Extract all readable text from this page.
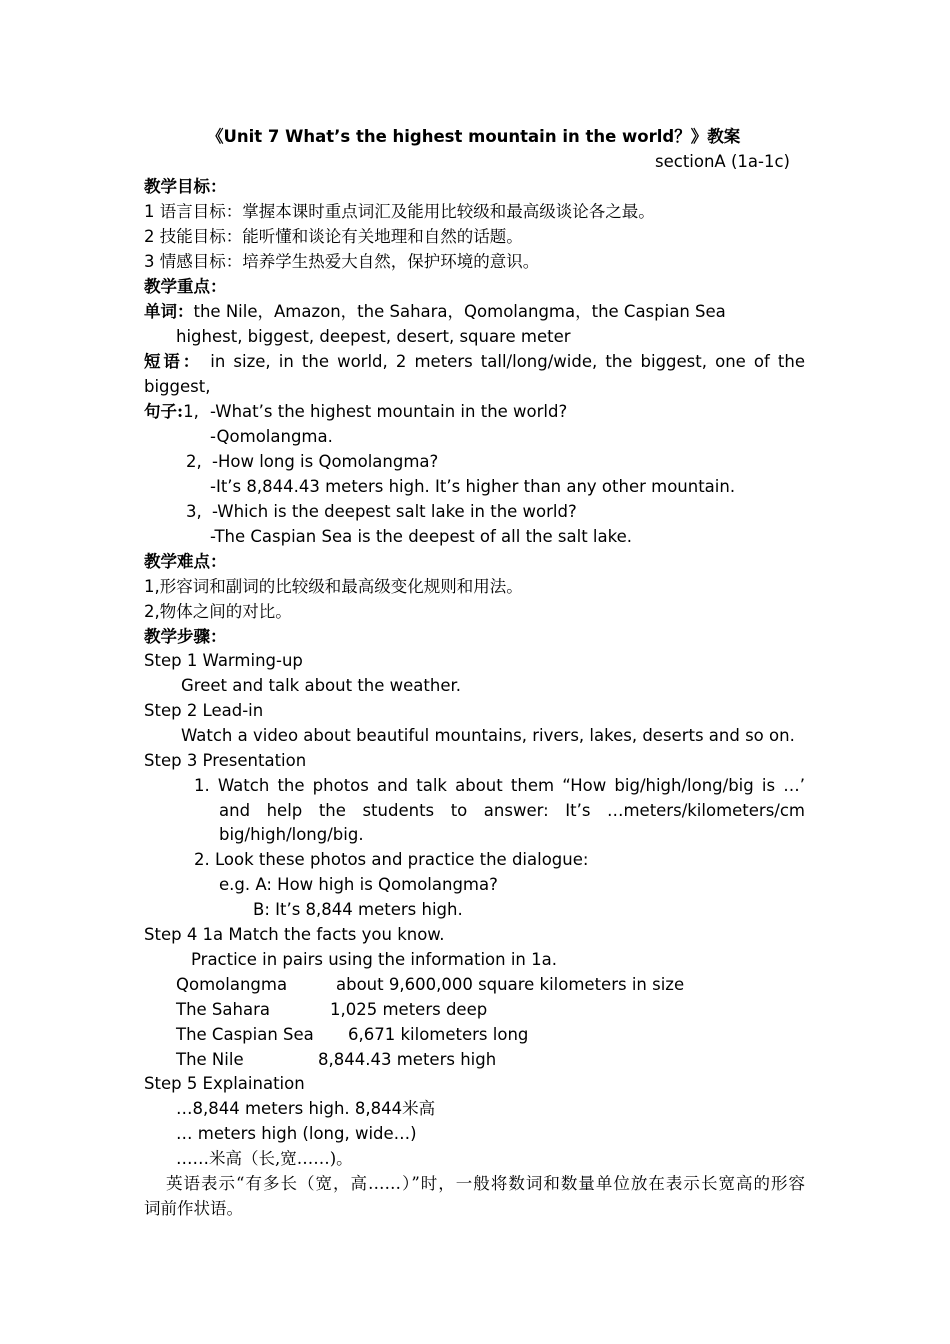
《Unit 7 What’s the highest mountain in the world？》教案
sectionA (1a-1c)
教学目标：
1 语言目标：掌握本课时重点词汇及能用比较级和最高级谈论各之最。
2 技能目标：能听懂和谈论有关地理和自然的话题。
3 情感目标：培养学生热爱大自然，保护环境的意识。
教学重点：
单词：the Nile，Amazon，the Sahara，Qomolangma，the Caspian Sea
highest, biggest, deepest, desert, square meter
短语： in size, in the world, 2 meters tall/long/wide, the biggest, one of the
biggest,
句子:1, -What’s the highest mountain in the world?
-Qomolangma.
2, -How long is Qomolangma?
-It’s 8,844.43 meters high. It’s higher than any other mountain.
3, -Which is the deepest salt lake in the world?
-The Caspian Sea is the deepest of all the salt lake.
教学难点：
1,形容词和副词的比较级和最高级变化规则和用法。
2,物体之间的对比。
教学步骤：
Step 1 Warming-up
Greet and talk about the weather.
Step 2 Lead-in
Watch a video about beautiful mountains, rivers, lakes, deserts and so on.
Step 3 Presentation
1. Watch the photos and talk about them “How big/high/long/big is …’
and help the students to answer: It’s …meters/kilometers/cm
big/high/long/big.
2. Look these photos and practice the dialogue:
e.g. A: How high is Qomolangma?
B: It’s 8,844 meters high.
Step 4 1a Match the facts you know.
Practice in pairs using the information in 1a.
Qomolangma	about 9,600,000 square kilometers in size
The Sahara	1,025 meters deep
The Caspian Sea 6,671 kilometers long
The Nile	8,844.43 meters high
Step 5 Explaination
…8,844 meters high. 8,844米高
… meters high (long, wide…)
……米高（长,宽……)。
英语表示“有多长（宽，高……）”时，一般将数词和数量单位放在表示长宽高的形容
词前作状语。
